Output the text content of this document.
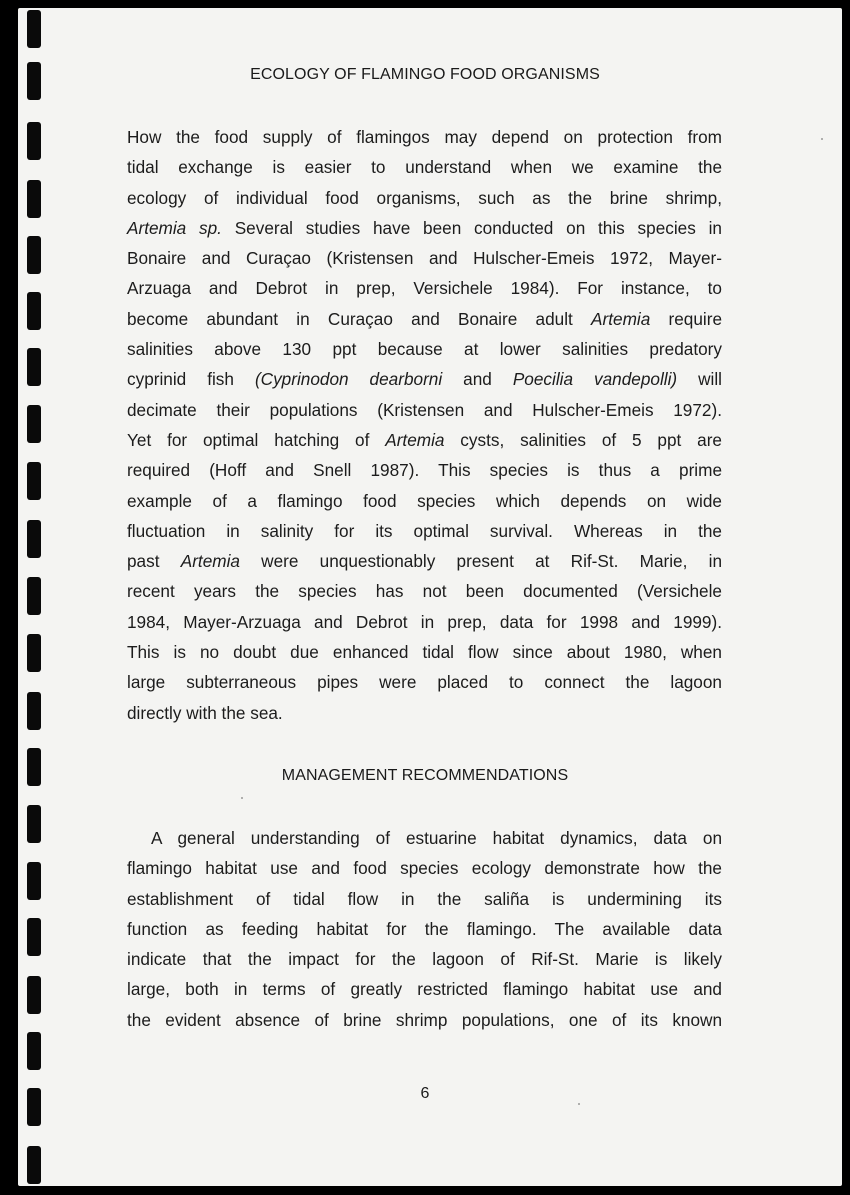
ECOLOGY OF FLAMINGO FOOD ORGANISMS
How the food supply of flamingos may depend on protection from
tidal exchange is easier to understand when we examine the
ecology of individual food organisms, such as the brine shrimp,
Artemia sp. Several studies have been conducted on this species in
Bonaire and Curaçao (Kristensen and Hulscher-Emeis 1972, Mayer-
Arzuaga and Debrot in prep, Versichele 1984). For instance, to
become abundant in Curaçao and Bonaire adult Artemia require
salinities above 130 ppt because at lower salinities predatory
cyprinid fish (Cyprinodon dearborni and Poecilia vandepolli) will
decimate their populations (Kristensen and Hulscher-Emeis 1972).
Yet for optimal hatching of Artemia cysts, salinities of 5 ppt are
required (Hoff and Snell 1987). This species is thus a prime
example of a flamingo food species which depends on wide
fluctuation in salinity for its optimal survival. Whereas in the
past Artemia were unquestionably present at Rif-St. Marie, in
recent years the species has not been documented (Versichele
1984, Mayer-Arzuaga and Debrot in prep, data for 1998 and 1999).
This is no doubt due enhanced tidal flow since about 1980, when
large subterraneous pipes were placed to connect the lagoon
directly with the sea.
MANAGEMENT RECOMMENDATIONS
A general understanding of estuarine habitat dynamics, data on
flamingo habitat use and food species ecology demonstrate how the
establishment of tidal flow in the saliña is undermining its
function as feeding habitat for the flamingo. The available data
indicate that the impact for the lagoon of Rif-St. Marie is likely
large, both in terms of greatly restricted flamingo habitat use and
the evident absence of brine shrimp populations, one of its known

6
